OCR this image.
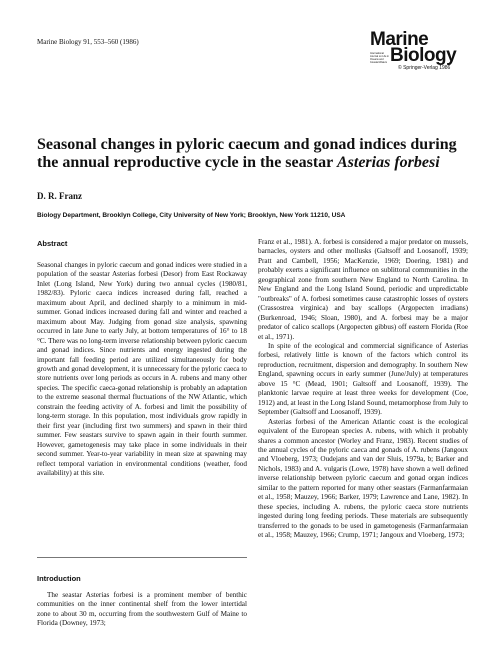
Marine Biology 91, 553–560 (1986)	Marine
Biology
International Journal on Life in Oceans and Coastal Waters
© Springer-Verlag 1986
Seasonal changes in pyloric caecum and gonad indices during
the annual reproductive cycle in the seastar Asterias forbesi
D. R. Franz
Biology Department, Brooklyn College, City University of New York; Brooklyn, New York 11210, USA
Abstract

Seasonal changes in pyloric caecum and gonad indices were studied in a population of the seastar Asterias forbesi (Desor) from East Rockaway Inlet (Long Island, New York) during two annual cycles (1980/81, 1982/83). Pyloric caeca indices increased during fall, reached a maximum about April, and declined sharply to a minimum in mid-summer. Gonad indices increased during fall and winter and reached a maximum about May. Judging from gonad size analysis, spawning occurred in late June to early July, at bottom temperatures of 16° to 18 °C. There was no long-term inverse relationship between pyloric caecum and gonad indices. Since nutrients and energy ingested during the important fall feeding period are utilized simultaneously for body growth and gonad development, it is unnecessary for the pyloric caeca to store nutrients over long periods as occurs in A. rubens and many other species. The specific caeca-gonad relationship is probably an adaptation to the extreme seasonal thermal fluctuations of the NW Atlantic, which constrain the feeding activity of A. forbesi and limit the possibility of long-term storage. In this population, most individuals grow rapidly in their first year (including first two summers) and spawn in their third summer. Few seastars survive to spawn again in their fourth summer. However, gametogenesis may take place in some individuals in their second summer. Year-to-year variability in mean size at spawning may reflect temporal variation in environmental conditions (weather, food availability) at this site.

Introduction

The seastar Asterias forbesi is a prominent member of benthic communities on the inner continental shelf from the lower intertidal zone to about 30 m, occurring from the southwestern Gulf of Maine to Florida (Downey, 1973;

Franz et al., 1981). A. forbesi is considered a major predator on mussels, barnacles, oysters and other mollusks (Galtsoff and Loosanoff, 1939; Pratt and Cambell, 1956; MacKenzie, 1969; Doering, 1981) and probably exerts a significant influence on sublittoral communities in the geographical zone from southern New England to North Carolina. In New England and the Long Island Sound, periodic and unpredictable "outbreaks" of A. forbesi sometimes cause catastrophic losses of oysters (Crassostrea virginica) and bay scallops (Argopecten irradians) (Burkenroad, 1946; Sloan, 1980), and A. forbesi may be a major predator of calico scallops (Argopecten gibbus) off eastern Florida (Roe et al., 1971).

In spite of the ecological and commercial significance of Asterias forbesi, relatively little is known of the factors which control its reproduction, recruitment, dispersion and demography. In southern New England, spawning occurs in early summer (June/July) at temperatures above 15 °C (Mead, 1901; Galtsoff and Loosanoff, 1939). The planktonic larvae require at least three weeks for development (Coe, 1912) and, at least in the Long Island Sound, metamorphose from July to September (Galtsoff and Loosanoff, 1939).

Asterias forbesi of the American Atlantic coast is the ecological equivalent of the European species A. rubens, with which it probably shares a common ancestor (Worley and Franz, 1983). Recent studies of the annual cycles of the pyloric caeca and gonads of A. rubens (Jangoux and Vloeberg, 1973; Oudejans and van der Sluis, 1979a, b; Barker and Nichols, 1983) and A. vulgaris (Lowe, 1978) have shown a well defined inverse relationship between pyloric caecum and gonad organ indices similar to the pattern reported for many other seastars (Farmanfarmaian et al., 1958; Mauzey, 1966; Barker, 1979; Lawrence and Lane, 1982). In these species, including A. rubens, the pyloric caeca store nutrients ingested during long feeding periods. These materials are subsequently transferred to the gonads to be used in gametogenesis (Farmanfarmaian et al., 1958; Mauzey, 1966; Crump, 1971; Jangoux and Vloeberg, 1973;
